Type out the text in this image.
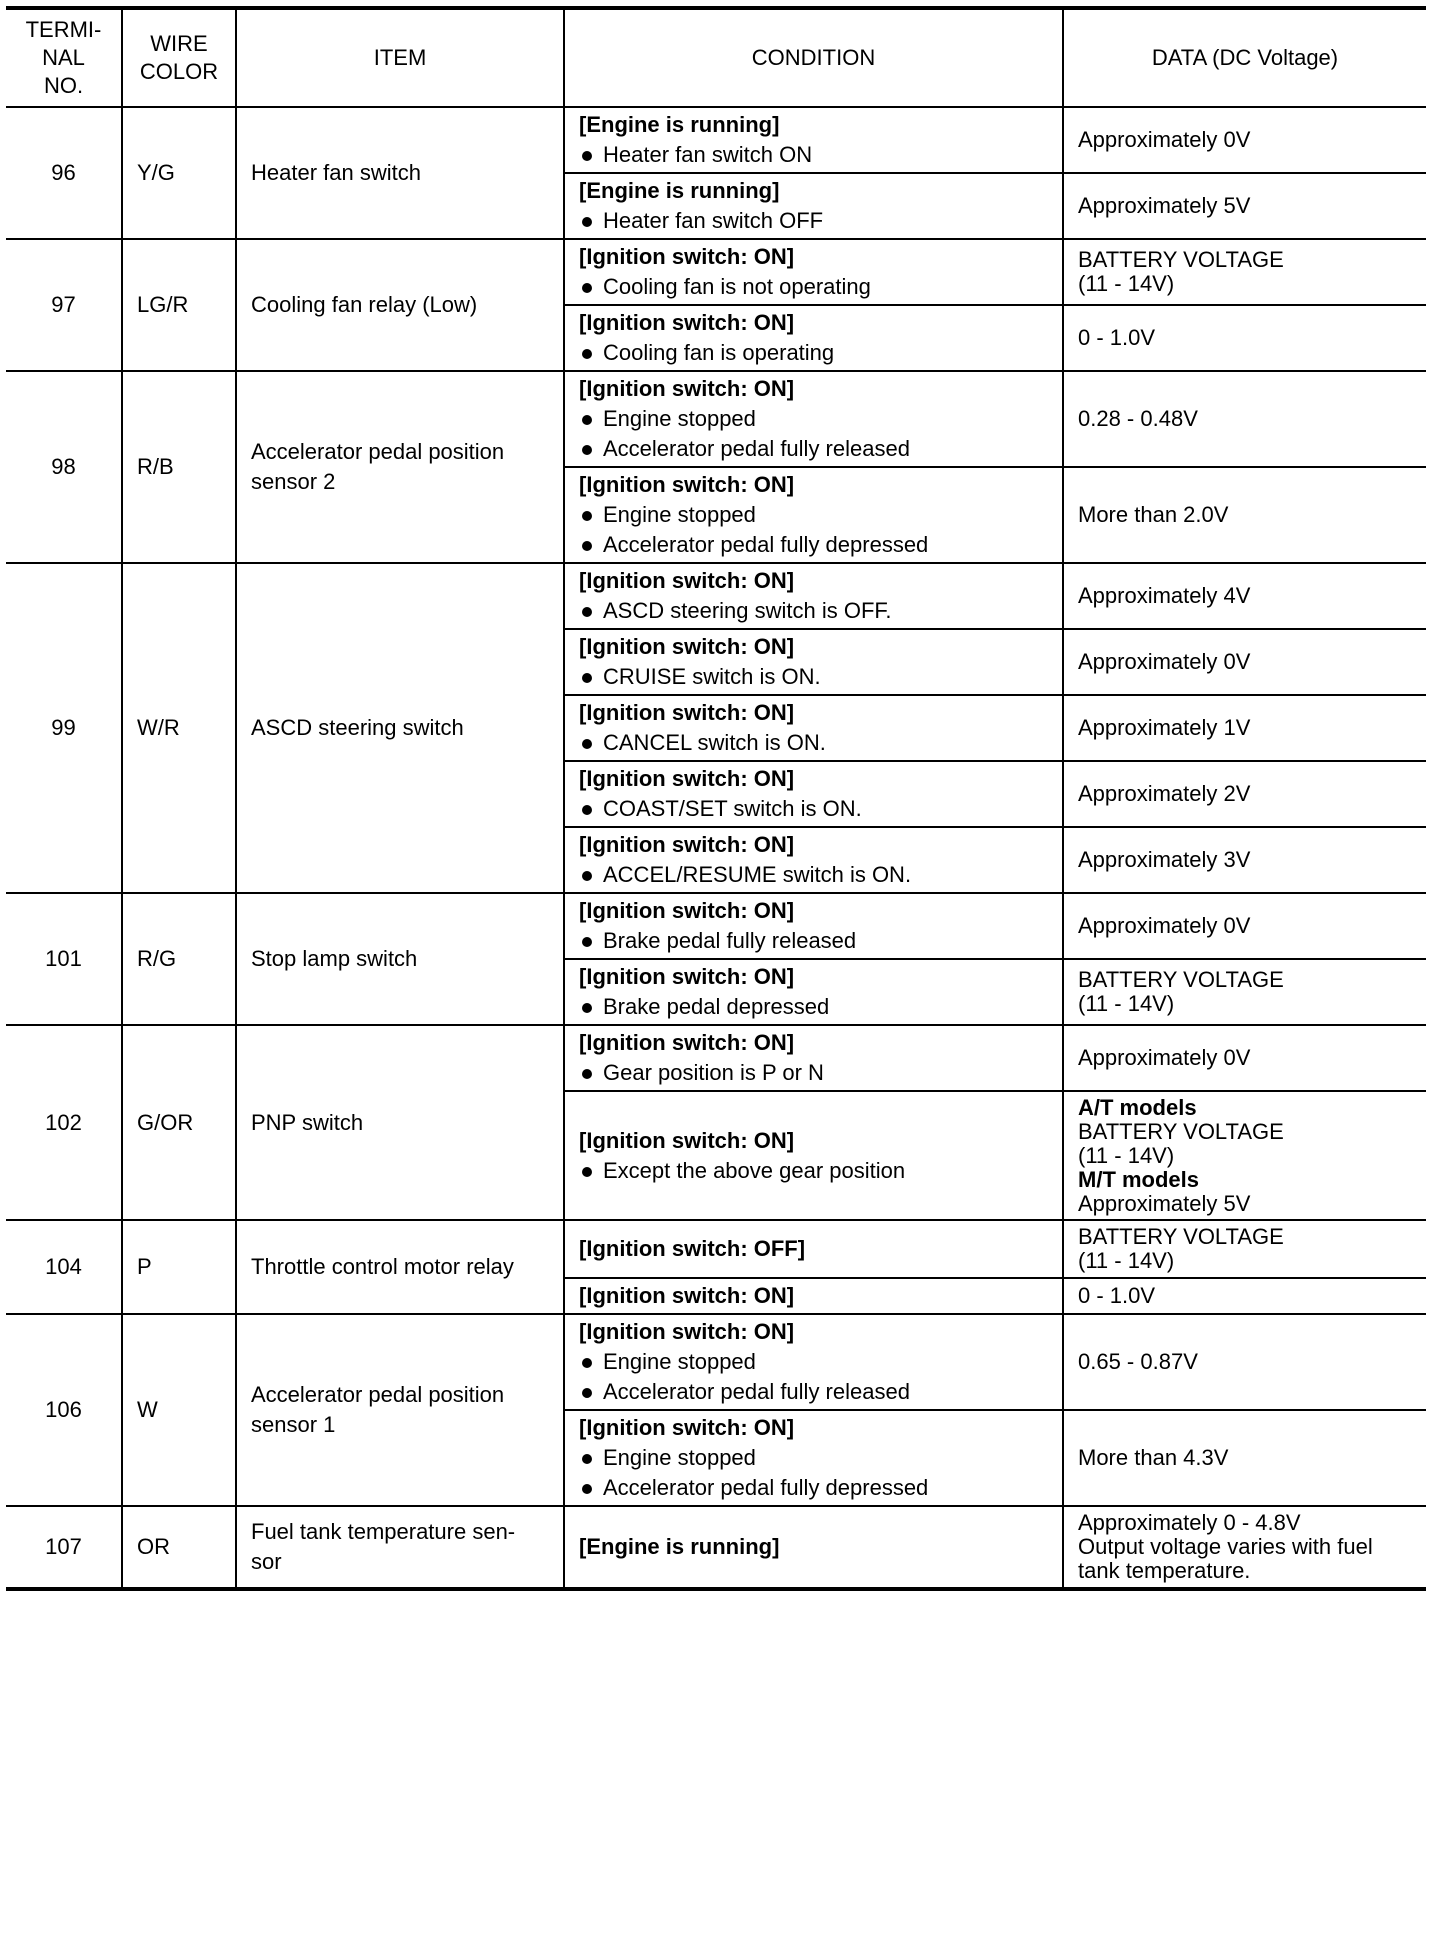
TERMI-
NAL
NO.	WIRE
COLOR	ITEM	CONDITION	DATA (DC Voltage)
96	Y/G	Heater fan switch	[Engine is running]
Heater fan switch ON	Approximately 0V

			[Engine is running]
Heater fan switch OFF	Approximately 5V

97	LG/R	Cooling fan relay (Low)	[Ignition switch: ON]
Cooling fan is not operating	BATTERY VOLTAGE
(11 - 14V)

			[Ignition switch: ON]
Cooling fan is operating	0 - 1.0V

98	R/B	Accelerator pedal position sensor 2	[Ignition switch: ON]
Engine stopped
Accelerator pedal fully released	0.28 - 0.48V

			[Ignition switch: ON]
Engine stopped
Accelerator pedal fully depressed	More than 2.0V

99	W/R	ASCD steering switch	[Ignition switch: ON]
ASCD steering switch is OFF.	Approximately 4V

			[Ignition switch: ON]
CRUISE switch is ON.	Approximately 0V

			[Ignition switch: ON]
CANCEL switch is ON.	Approximately 1V

			[Ignition switch: ON]
COAST/SET switch is ON.	Approximately 2V

			[Ignition switch: ON]
ACCEL/RESUME switch is ON.	Approximately 3V

101	R/G	Stop lamp switch	[Ignition switch: ON]
Brake pedal fully released	Approximately 0V

			[Ignition switch: ON]
Brake pedal depressed	BATTERY VOLTAGE
(11 - 14V)

102	G/OR	PNP switch	[Ignition switch: ON]
Gear position is P or N	Approximately 0V

			[Ignition switch: ON]
Except the above gear position	A/T models
BATTERY VOLTAGE
(11 - 14V)
M/T models
Approximately 5V

104	P	Throttle control motor relay	[Ignition switch: OFF]	BATTERY VOLTAGE
(11 - 14V)

			[Ignition switch: ON]	0 - 1.0V

106	W	Accelerator pedal position sensor 1	[Ignition switch: ON]
Engine stopped
Accelerator pedal fully released	0.65 - 0.87V

			[Ignition switch: ON]
Engine stopped
Accelerator pedal fully depressed	More than 4.3V

107	OR	Fuel tank temperature sen-
sor	[Engine is running]	Approximately 0 - 4.8V
Output voltage varies with fuel tank temperature.
